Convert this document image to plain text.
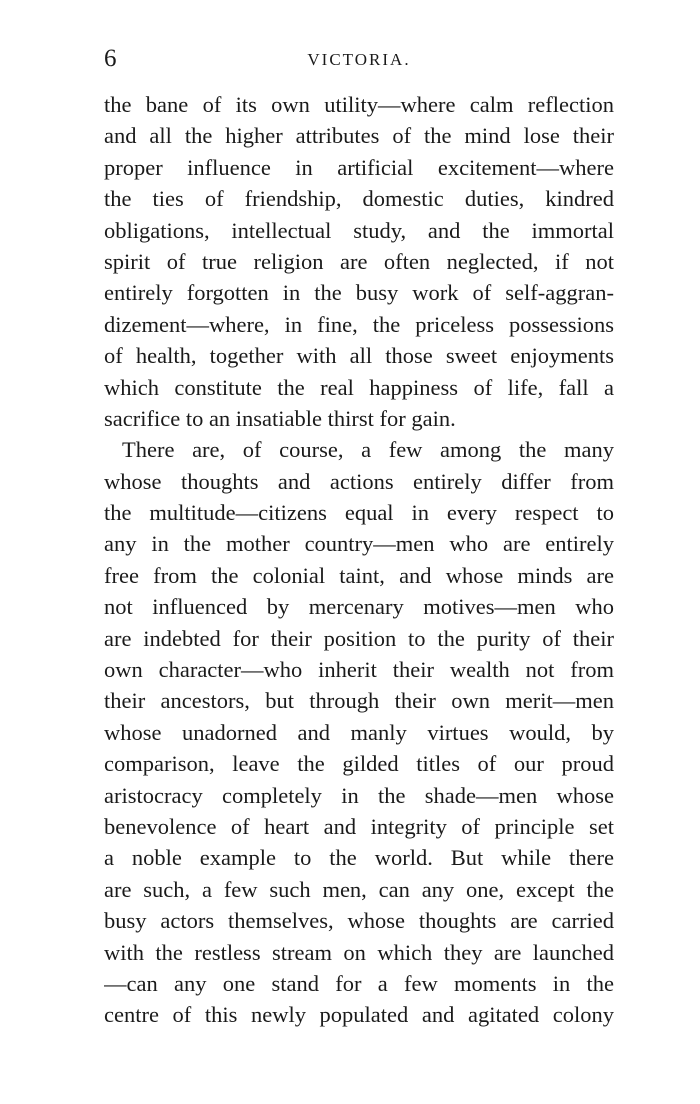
6	VICTORIA.
the bane of its own utility—where calm reflection
and all the higher attributes of the mind lose their
proper influence in artificial excitement—where
the ties of friendship, domestic duties, kindred
obligations, intellectual study, and the immortal
spirit of true religion are often neglected, if not
entirely forgotten in the busy work of self-aggran-
dizement—where, in fine, the priceless possessions
of health, together with all those sweet enjoyments
which constitute the real happiness of life, fall a
sacrifice to an insatiable thirst for gain.
There are, of course, a few among the many
whose thoughts and actions entirely differ from
the multitude—citizens equal in every respect to
any in the mother country—men who are entirely
free from the colonial taint, and whose minds are
not influenced by mercenary motives—men who
are indebted for their position to the purity of their
own character—who inherit their wealth not from
their ancestors, but through their own merit—men
whose unadorned and manly virtues would, by
comparison, leave the gilded titles of our proud
aristocracy completely in the shade—men whose
benevolence of heart and integrity of principle set
a noble example to the world. But while there
are such, a few such men, can any one, except the
busy actors themselves, whose thoughts are carried
with the restless stream on which they are launched
—can any one stand for a few moments in the
centre of this newly populated and agitated colony
